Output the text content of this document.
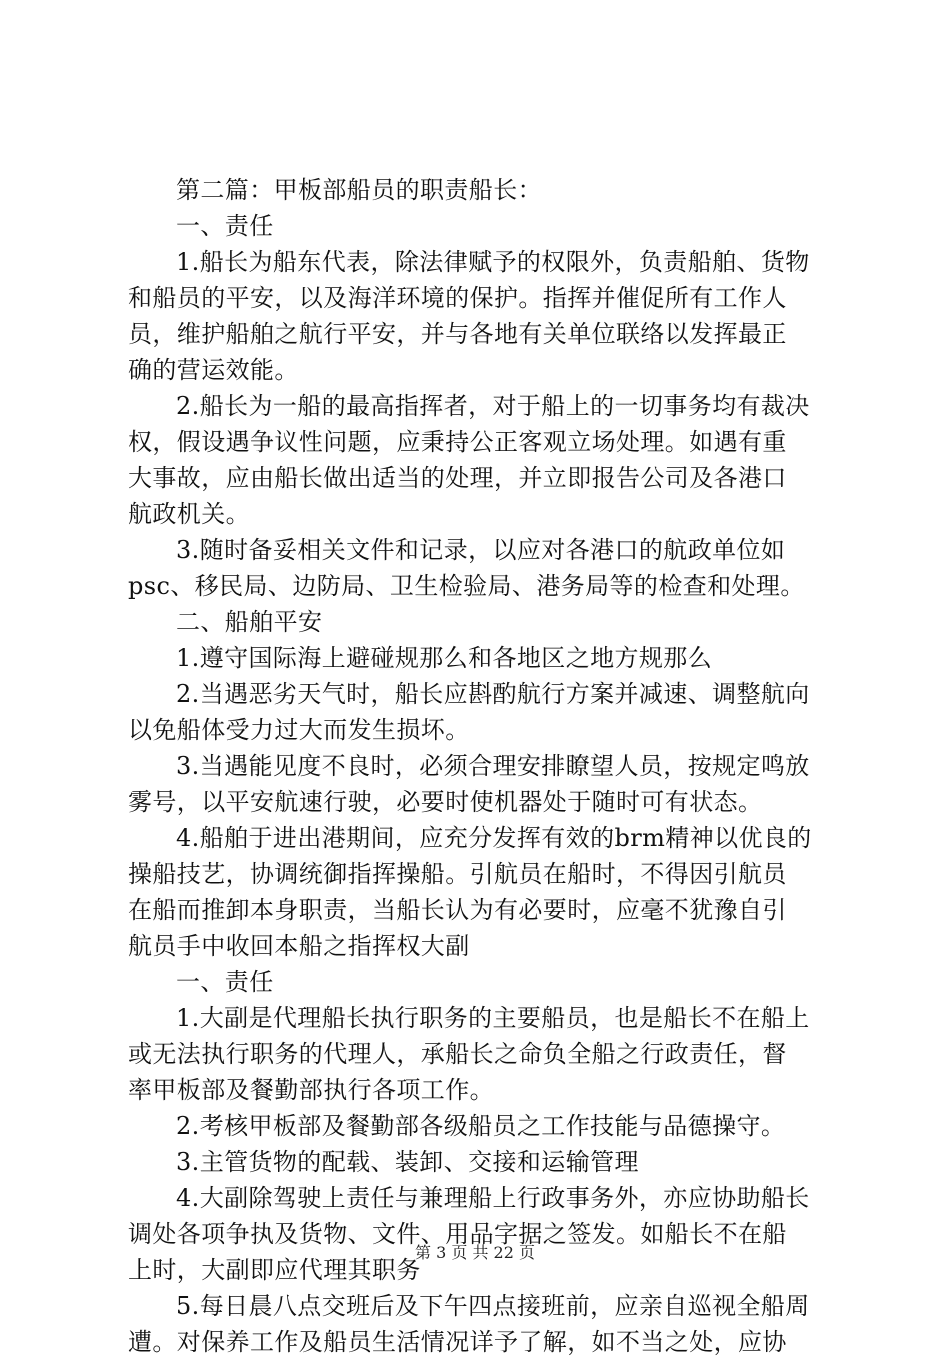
第二篇：甲板部船员的职责船长：
一、责任
1.船长为船东代表，除法律赋予的权限外，负责船舶、货物
和船员的平安，以及海洋环境的保护。指挥并催促所有工作人
员，维护船舶之航行平安，并与各地有关单位联络以发挥最正
确的营运效能。
2.船长为一船的最高指挥者，对于船上的一切事务均有裁决
权，假设遇争议性问题，应秉持公正客观立场处理。如遇有重
大事故，应由船长做出适当的处理，并立即报告公司及各港口
航政机关。
3.随时备妥相关文件和记录，以应对各港口的航政单位如
psc、移民局、边防局、卫生检验局、港务局等的检查和处理。
二、船舶平安
1.遵守国际海上避碰规那么和各地区之地方规那么
2.当遇恶劣天气时，船长应斟酌航行方案并减速、调整航向
以免船体受力过大而发生损坏。
3.当遇能见度不良时，必须合理安排瞭望人员，按规定鸣放
雾号，以平安航速行驶，必要时使机器处于随时可有状态。
4.船舶于进出港期间，应充分发挥有效的brm精神以优良的
操船技艺，协调统御指挥操船。引航员在船时，不得因引航员
在船而推卸本身职责，当船长认为有必要时，应毫不犹豫自引
航员手中收回本船之指挥权大副
一、责任
1.大副是代理船长执行职务的主要船员，也是船长不在船上
或无法执行职务的代理人，承船长之命负全船之行政责任，督
率甲板部及餐勤部执行各项工作。
2.考核甲板部及餐勤部各级船员之工作技能与品德操守。
3.主管货物的配载、装卸、交接和运输管理
4.大副除驾驶上责任与兼理船上行政事务外，亦应协助船长
调处各项争执及货物、文件、用品字据之签发。如船长不在船
上时，大副即应代理其职务
5.每日晨八点交班后及下午四点接班前，应亲自巡视全船周
遭。对保养工作及船员生活情况详予了解，如不当之处，应协
第 3 页 共 22 页
